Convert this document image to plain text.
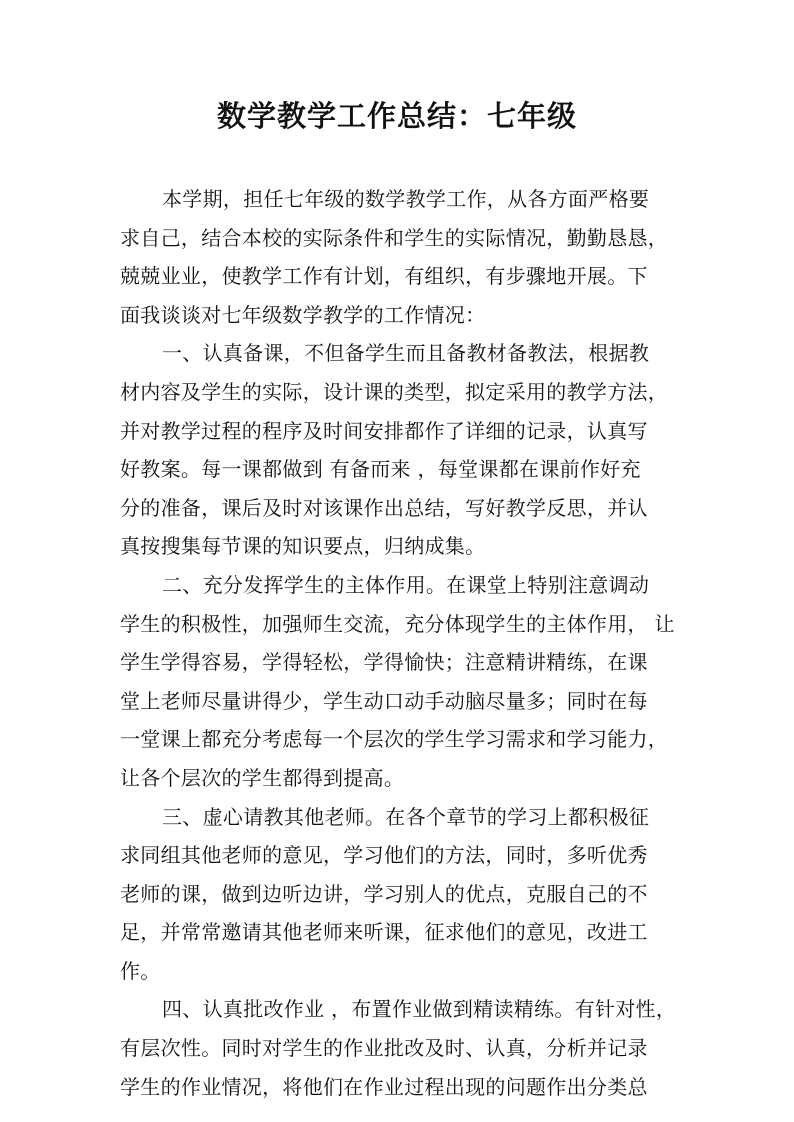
数学教学工作总结：七年级
本学期，担任七年级的数学教学工作，从各方面严格要
求自己，结合本校的实际条件和学生的实际情况，勤勤恳恳，
兢兢业业，使教学工作有计划，有组织，有步骤地开展。下
面我谈谈对七年级数学教学的工作情况：
一、认真备课，不但备学生而且备教材备教法，根据教
材内容及学生的实际，设计课的类型，拟定采用的教学方法，
并对教学过程的程序及时间安排都作了详细的记录，认真写
好教案。每一课都做到 有备而来 ，每堂课都在课前作好充
分的准备，课后及时对该课作出总结，写好教学反思，并认
真按搜集每节课的知识要点，归纳成集。
二、充分发挥学生的主体作用。在课堂上特别注意调动
学生的积极性，加强师生交流，充分体现学生的主体作用， 让
学生学得容易，学得轻松，学得愉快；注意精讲精练，在课
堂上老师尽量讲得少，学生动口动手动脑尽量多；同时在每
一堂课上都充分考虑每一个层次的学生学习需求和学习能力，
让各个层次的学生都得到提高。
三、虚心请教其他老师。在各个章节的学习上都积极征
求同组其他老师的意见，学习他们的方法，同时，多听优秀
老师的课，做到边听边讲，学习别人的优点，克服自己的不
足，并常常邀请其他老师来听课，征求他们的意见，改进工
作。
四、认真批改作业 ，布置作业做到精读精练。有针对性，
有层次性。同时对学生的作业批改及时、认真，分析并记录
学生的作业情况，将他们在作业过程出现的问题作出分类总
